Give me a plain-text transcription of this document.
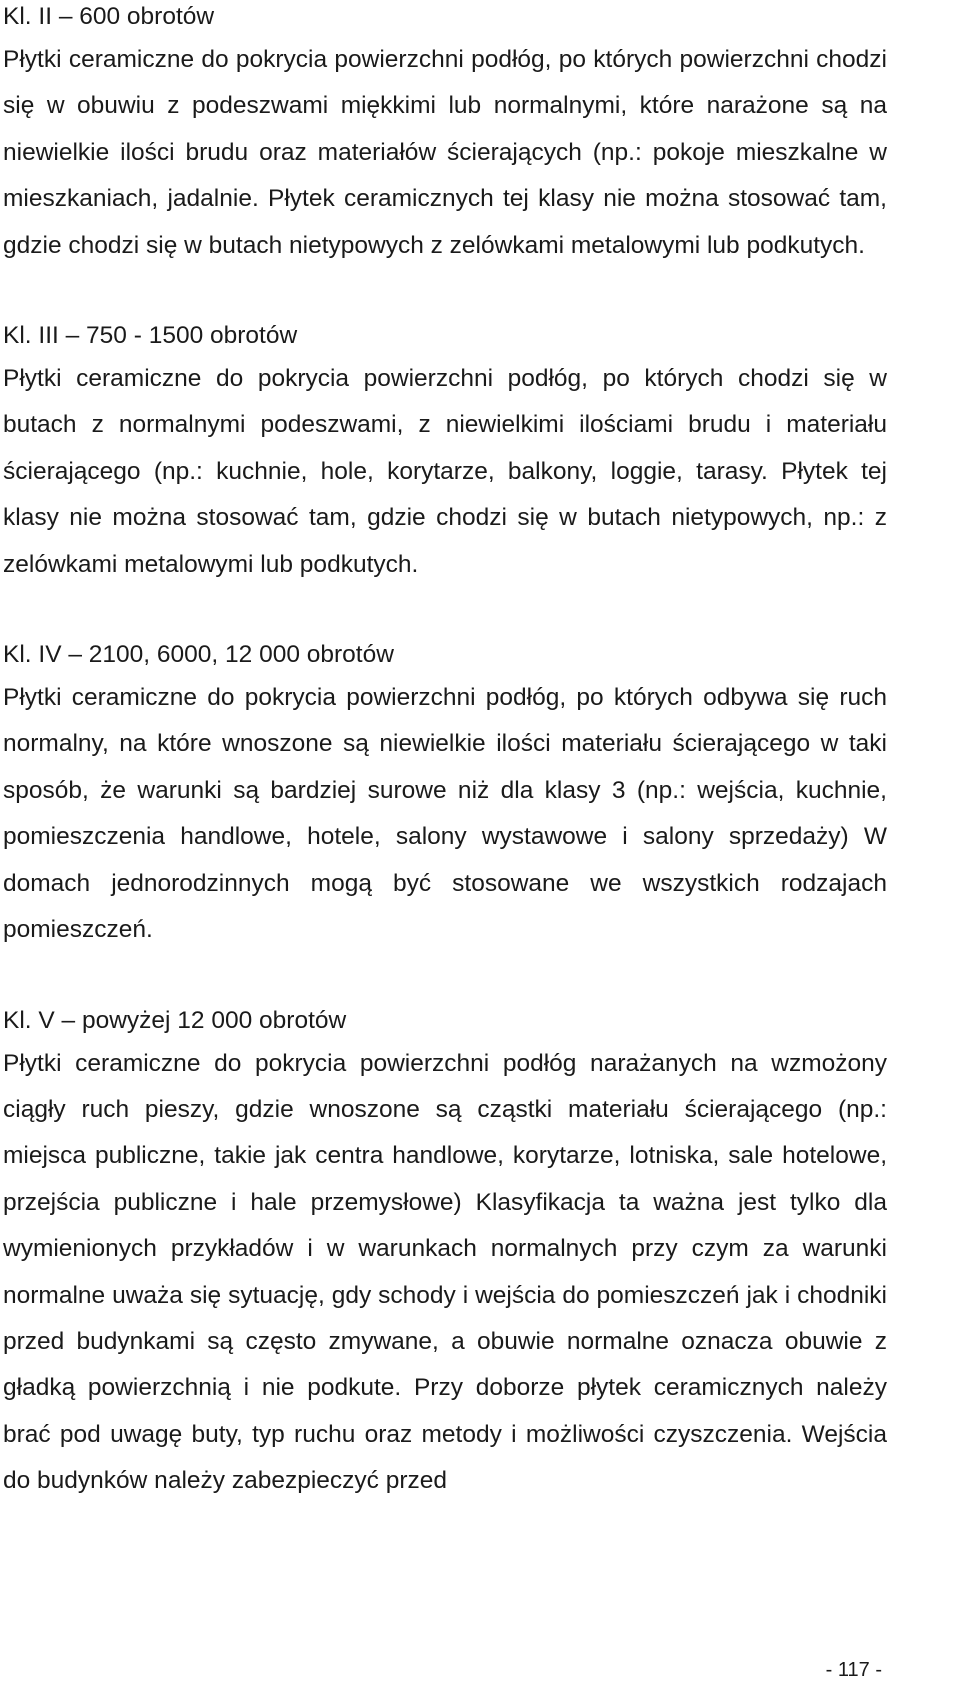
Kl. II – 600 obrotów

Płytki ceramiczne do pokrycia powierzchni podłóg, po których powierzchni chodzi się w obuwiu z podeszwami miękkimi lub normalnymi, które narażone są na niewielkie ilości brudu oraz materiałów ścierających (np.: pokoje mieszkalne w mieszkaniach, jadalnie. Płytek ceramicznych tej klasy nie można stosować tam, gdzie chodzi się w butach nietypowych z zelówkami metalowymi lub podkutych.

Kl. III – 750 - 1500 obrotów

Płytki ceramiczne do pokrycia powierzchni podłóg, po których chodzi się w butach z normalnymi podeszwami, z niewielkimi ilościami brudu i materiału ścierającego (np.: kuchnie, hole, korytarze, balkony, loggie, tarasy. Płytek tej klasy nie można stosować tam, gdzie chodzi się w butach nietypowych, np.: z zelówkami metalowymi lub podkutych.

Kl. IV – 2100, 6000, 12 000 obrotów

Płytki ceramiczne do pokrycia powierzchni podłóg, po których odbywa się ruch normalny, na które wnoszone są niewielkie ilości materiału ścierającego w taki sposób, że warunki są bardziej surowe niż dla klasy 3 (np.: wejścia, kuchnie, pomieszczenia handlowe, hotele, salony wystawowe i salony sprzedaży) W domach jednorodzinnych mogą być stosowane we wszystkich rodzajach pomieszczeń.

Kl. V – powyżej 12 000 obrotów

Płytki ceramiczne do pokrycia powierzchni podłóg narażanych na wzmożony ciągły ruch pieszy, gdzie wnoszone są cząstki materiału ścierającego (np.: miejsca publiczne, takie jak centra handlowe, korytarze, lotniska, sale hotelowe, przejścia publiczne i hale przemysłowe) Klasyfikacja ta ważna jest tylko dla wymienionych przykładów i w warunkach normalnych przy czym za warunki normalne uważa się sytuację, gdy schody i wejścia do pomieszczeń jak i chodniki przed budynkami są często zmywane, a obuwie normalne oznacza obuwie z gładką powierzchnią i nie podkute. Przy doborze płytek ceramicznych należy brać pod uwagę buty, typ ruchu oraz metody i możliwości czyszczenia. Wejścia do budynków należy zabezpieczyć przed

- 117 -
